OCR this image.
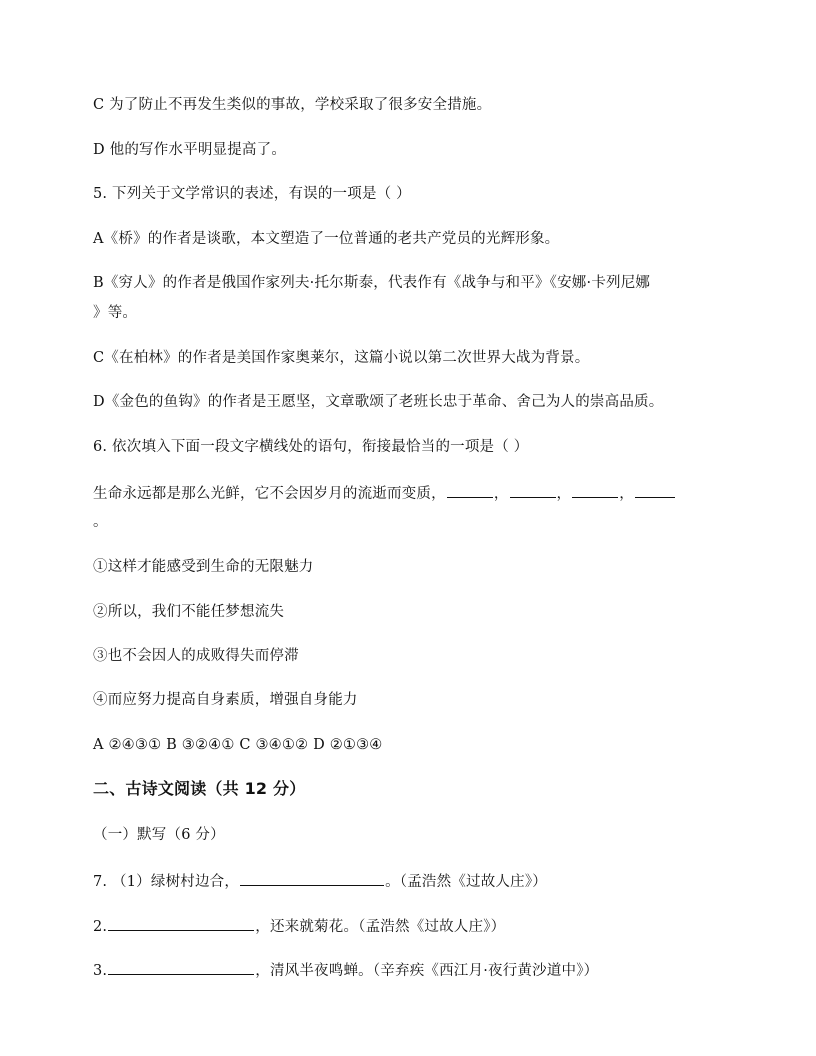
C 为了防止不再发生类似的事故，学校采取了很多安全措施。
D 他的写作水平明显提高了。
5. 下列关于文学常识的表述，有误的一项是（ ）
A《桥》的作者是谈歌，本文塑造了一位普通的老共产党员的光辉形象。
B《穷人》的作者是俄国作家列夫·托尔斯泰，代表作有《战争与和平》《安娜·卡列尼娜
》等。
C《在柏林》的作者是美国作家奥莱尔，这篇小说以第二次世界大战为背景。
D《金色的鱼钩》的作者是王愿坚，文章歌颂了老班长忠于革命、舍己为人的崇高品质。
6. 依次填入下面一段文字横线处的语句，衔接最恰当的一项是（ ）
生命永远都是那么光鲜，它不会因岁月的流逝而变质，	，	，	，
。
①这样才能感受到生命的无限魅力
②所以，我们不能任梦想流失
③也不会因人的成败得失而停滞
④而应努力提高自身素质，增强自身能力
A ②④③① B ③②④① C ③④①② D ②①③④
二、古诗文阅读（共 12 分）
（一）默写（6 分）
7. （1）绿树村边合，	。（孟浩然《过故人庄》）
2.	，还来就菊花。（孟浩然《过故人庄》）
3.	，清风半夜鸣蝉。（辛弃疾《西江月·夜行黄沙道中》）
